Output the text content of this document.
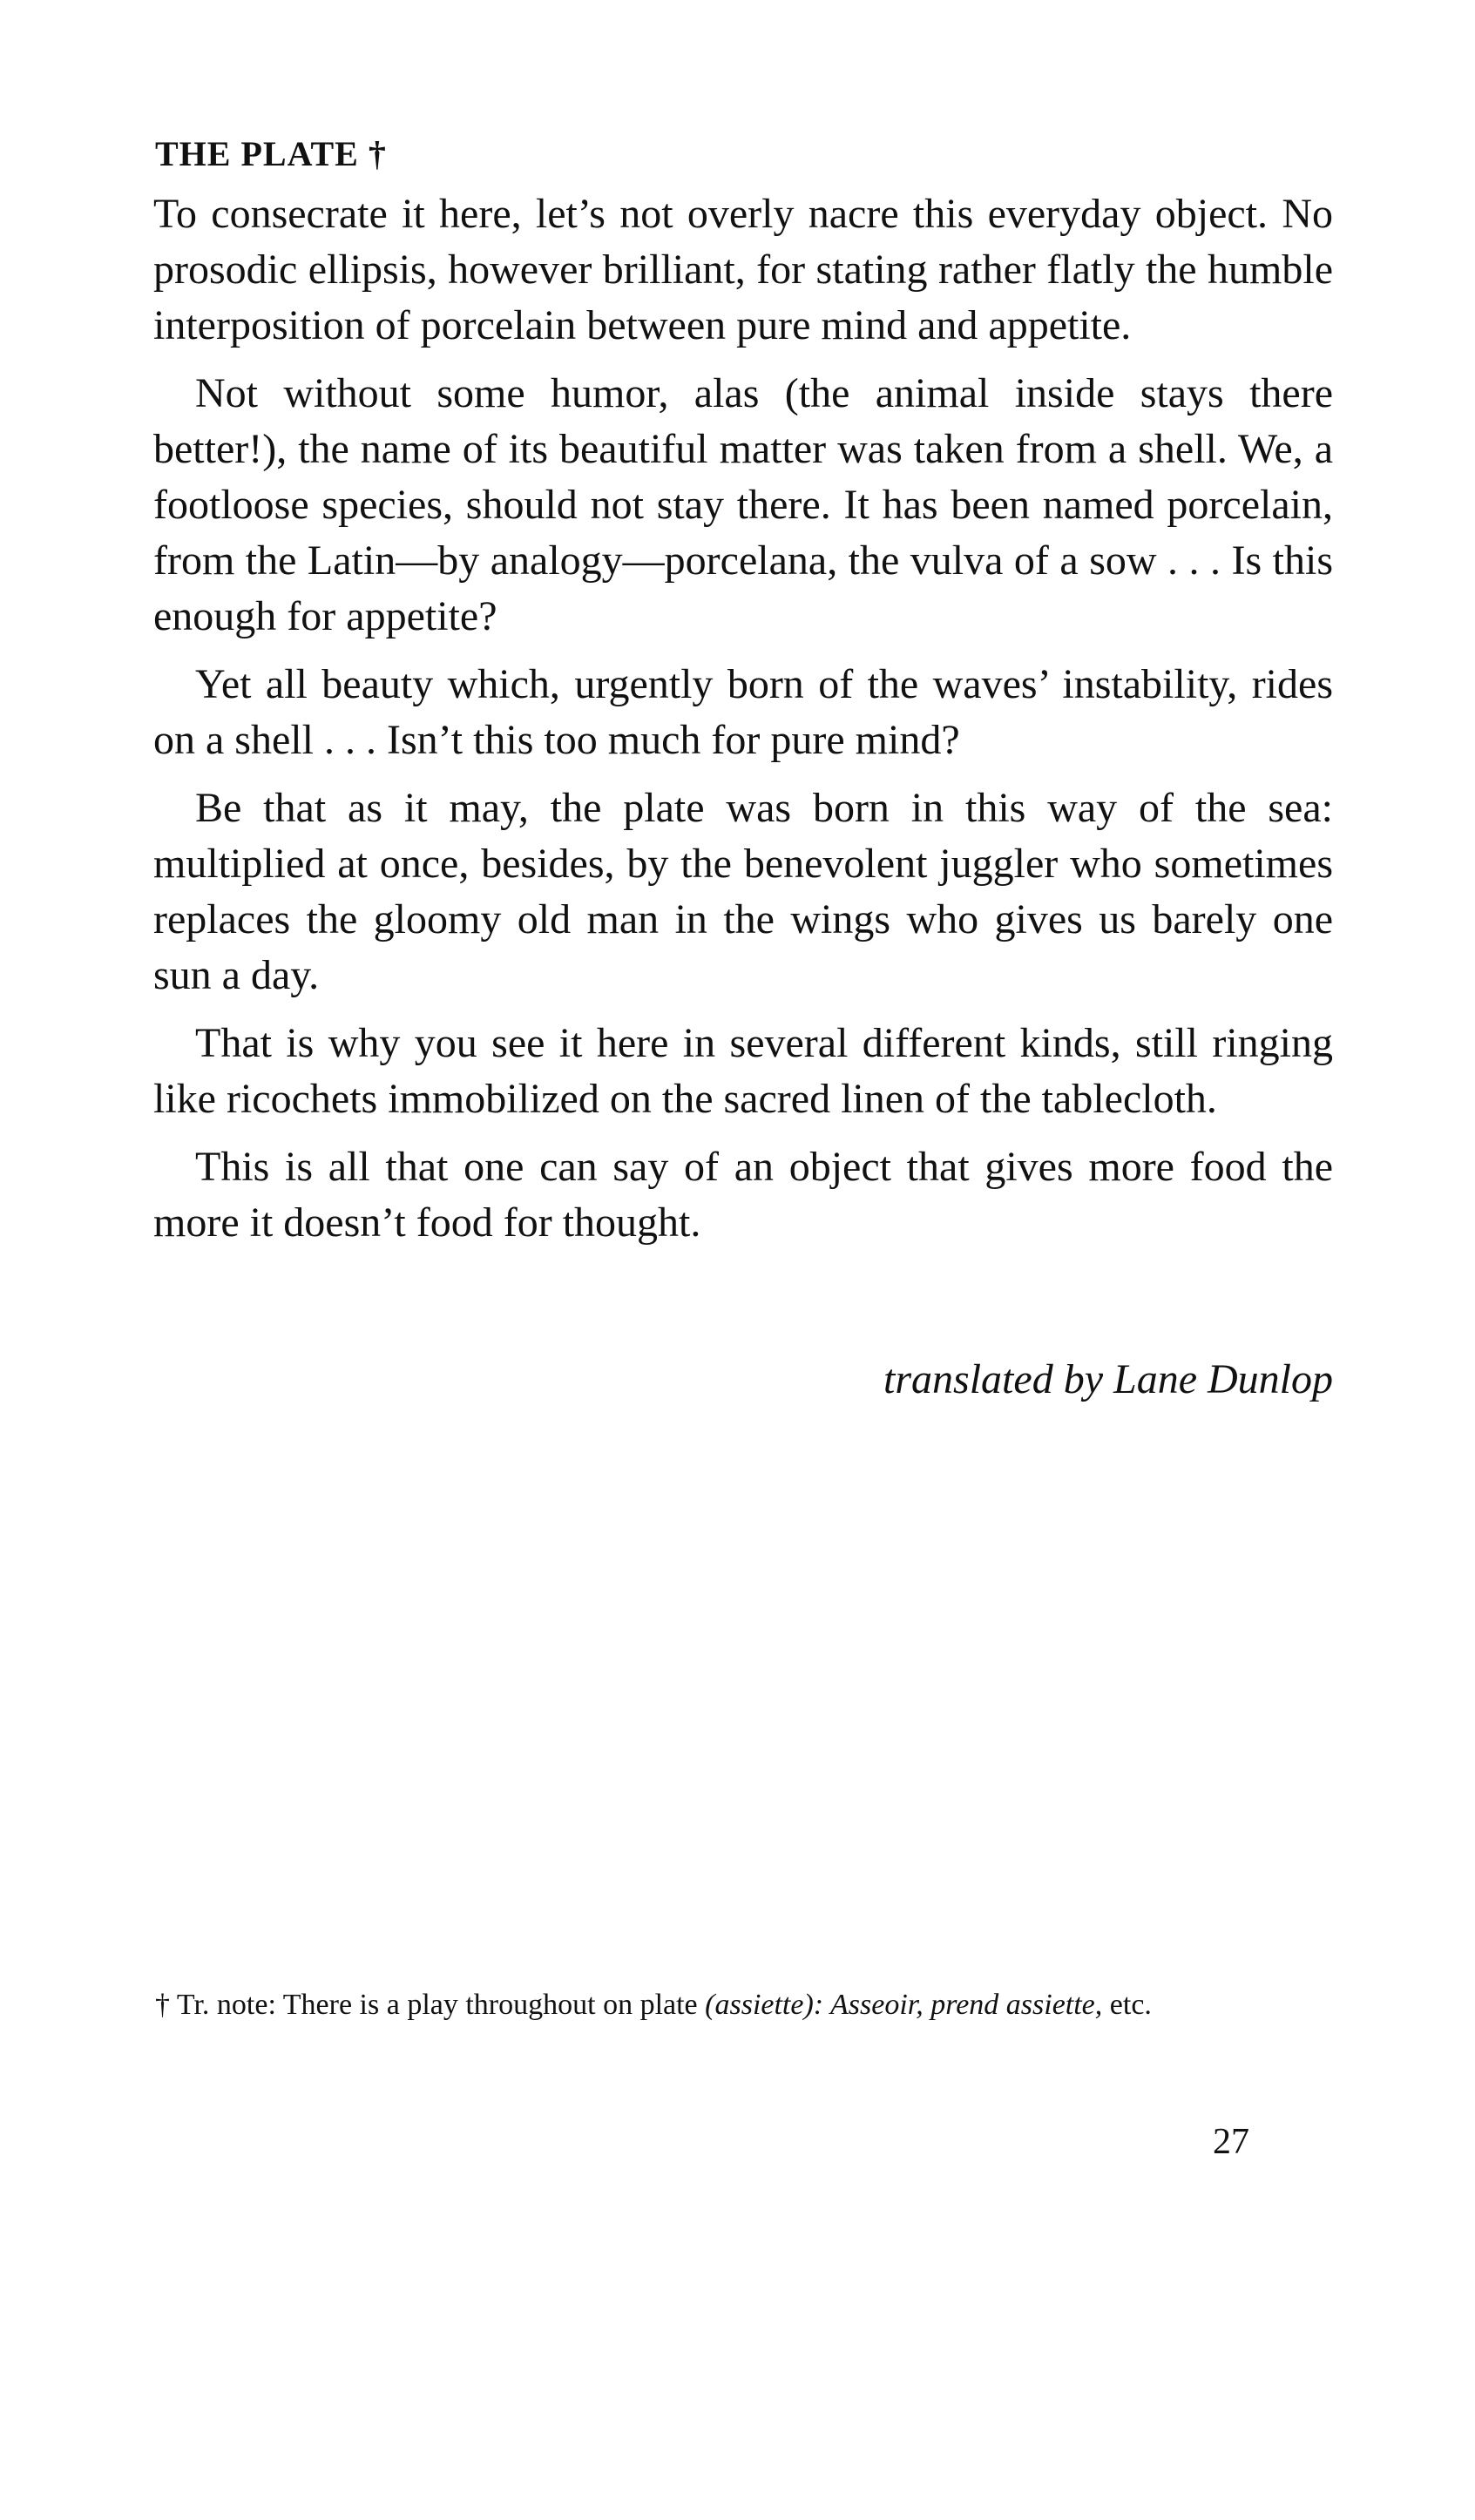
THE PLATE †

To consecrate it here, let’s not overly nacre this everyday object. No prosodic ellipsis, however brilliant, for stating rather flatly the humble interposition of porcelain between pure mind and appetite.

Not without some humor, alas (the animal inside stays there better!), the name of its beautiful matter was taken from a shell. We, a footloose species, should not stay there. It has been named porcelain, from the Latin—by analogy—porcelana, the vulva of a sow . . . Is this enough for appetite?

Yet all beauty which, urgently born of the waves’ instability, rides on a shell . . . Isn’t this too much for pure mind?

Be that as it may, the plate was born in this way of the sea: multiplied at once, besides, by the benevolent juggler who sometimes replaces the gloomy old man in the wings who gives us barely one sun a day.

That is why you see it here in several different kinds, still ringing like ricochets immobilized on the sacred linen of the tablecloth.

This is all that one can say of an object that gives more food the more it doesn’t food for thought.

translated by Lane Dunlop
† Tr. note: There is a play throughout on plate (assiette): Asseoir, prend assiette, etc.
27
